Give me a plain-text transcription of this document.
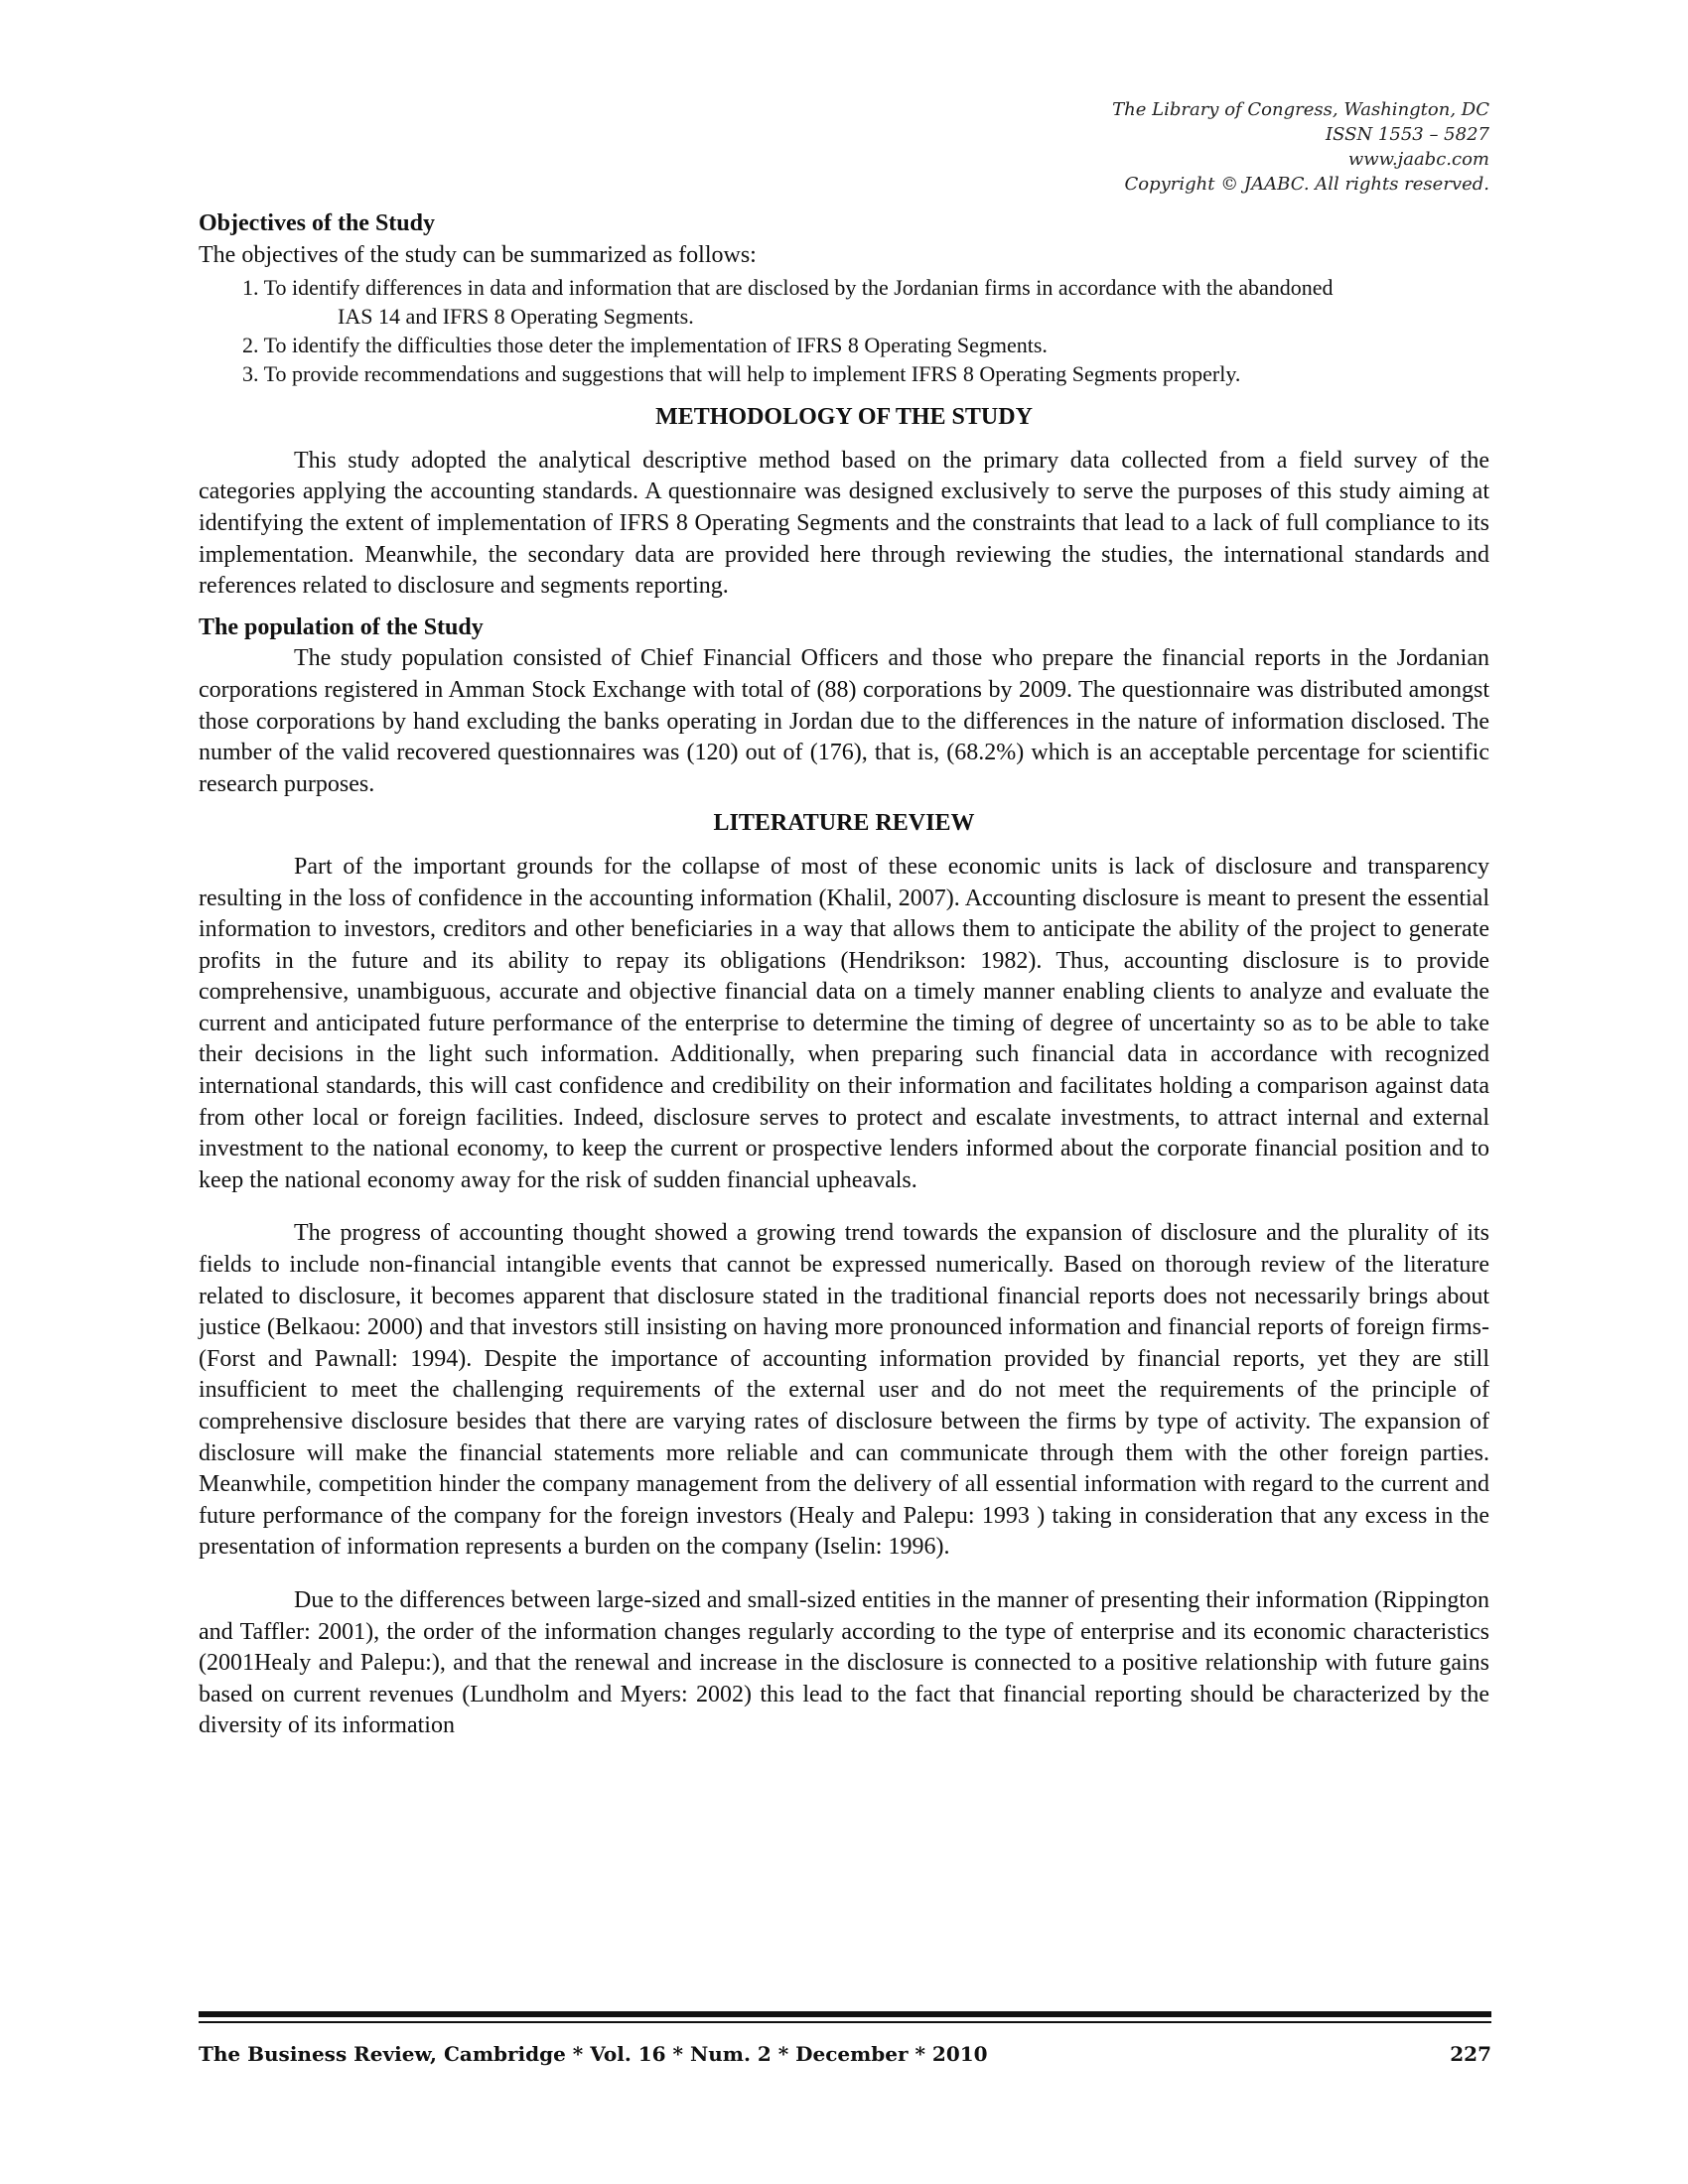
The Library of Congress, Washington, DC
ISSN 1553 – 5827
www.jaabc.com
Copyright © JAABC. All rights reserved.

Objectives of the Study

The objectives of the study can be summarized as follows:

1. To identify differences in data and information that are disclosed by the Jordanian firms in accordance with the abandoned
IAS 14 and IFRS 8 Operating Segments.
2. To identify the difficulties those deter the implementation of IFRS 8 Operating Segments.
3. To provide recommendations and suggestions that will help to implement IFRS 8 Operating Segments properly.

METHODOLOGY OF THE STUDY

This study adopted the analytical descriptive method based on the primary data collected from a field survey of the categories applying the accounting standards. A questionnaire was designed exclusively to serve the purposes of this study aiming at identifying the extent of implementation of IFRS 8 Operating Segments and the constraints that lead to a lack of full compliance to its implementation. Meanwhile, the secondary data are provided here through reviewing the studies, the international standards and references related to disclosure and segments reporting.

The population of the Study

The study population consisted of Chief Financial Officers and those who prepare the financial reports in the Jordanian corporations registered in Amman Stock Exchange with total of (88) corporations by 2009. The questionnaire was distributed amongst those corporations by hand excluding the banks operating in Jordan due to the differences in the nature of information disclosed. The number of the valid recovered questionnaires was (120) out of (176), that is, (68.2%) which is an acceptable percentage for scientific research purposes.

LITERATURE REVIEW

Part of the important grounds for the collapse of most of these economic units is lack of disclosure and transparency resulting in the loss of confidence in the accounting information (Khalil, 2007). Accounting disclosure is meant to present the essential information to investors, creditors and other beneficiaries in a way that allows them to anticipate the ability of the project to generate profits in the future and its ability to repay its obligations (Hendrikson: 1982). Thus, accounting disclosure is to provide comprehensive, unambiguous, accurate and objective financial data on a timely manner enabling clients to analyze and evaluate the current and anticipated future performance of the enterprise to determine the timing of degree of uncertainty so as to be able to take their decisions in the light such information. Additionally, when preparing such financial data in accordance with recognized international standards, this will cast confidence and credibility on their information and facilitates holding a comparison against data from other local or foreign facilities. Indeed, disclosure serves to protect and escalate investments, to attract internal and external investment to the national economy, to keep the current or prospective lenders informed about the corporate financial position and to keep the national economy away for the risk of sudden financial upheavals.

The progress of accounting thought showed a growing trend towards the expansion of disclosure and the plurality of its fields to include non-financial intangible events that cannot be expressed numerically. Based on thorough review of the literature related to disclosure, it becomes apparent that disclosure stated in the traditional financial reports does not necessarily brings about justice (Belkaou: 2000) and that investors still insisting on having more pronounced information and financial reports of foreign firms- (Forst and Pawnall: 1994). Despite the importance of accounting information provided by financial reports, yet they are still insufficient to meet the challenging requirements of the external user and do not meet the requirements of the principle of comprehensive disclosure besides that there are varying rates of disclosure between the firms by type of activity. The expansion of disclosure will make the financial statements more reliable and can communicate through them with the other foreign parties. Meanwhile, competition hinder the company management from the delivery of all essential information with regard to the current and future performance of the company for the foreign investors (Healy and Palepu: 1993 ) taking in consideration that any excess in the presentation of information represents a burden on the company (Iselin: 1996).

Due to the differences between large-sized and small-sized entities in the manner of presenting their information (Rippington and Taffler: 2001), the order of the information changes regularly according to the type of enterprise and its economic characteristics (2001Healy and Palepu:), and that the renewal and increase in the disclosure is connected to a positive relationship with future gains based on current revenues (Lundholm and Myers: 2002) this lead to the fact that financial reporting should be characterized by the diversity of its information

The Business Review, Cambridge * Vol. 16 * Num. 2 * December * 2010	227
